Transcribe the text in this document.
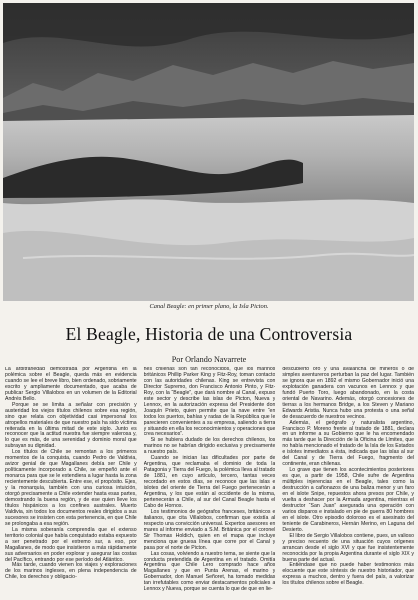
Canal Beagle: en primer plano, la Isla Picton.
El Beagle, Historia de una Controversia
Por Orlando Navarrete

La arbitrariedad demostrada por Argentina en la polémica sobre el Beagle, queda más en evidencia cuando se lee el breve libro, bien ordenado, sobriamente escrito y ampliamente documentado, que acaba de publicar Sergio Villalobos en un volumen de la Editorial Andrés Bello.

Porque se se limita a señalar con precisión y austeridad los viejos títulos chilenos sobre esa región, sino que relata con objetividad casi impersonal los atropellos materiales de que nuestro país ha sido víctima reiterada en la última mitad de este siglo. Junto es reconocer que la actitud nuestra fue siempre valerosa y, lo que es más, de una serenidad y dominio moral que subrayan su dignidad.

Los títulos de Chile se remontan a los primeros momentos de la conquista, cuando Pedro de Valdivia, avizor genial de que Magallanes debía ser Chile y políticamente incorporado a Chile, se empeñó ante el monarca para que se le extendiera a lugar hasta la zona recientemente descubierta. Entre ese, el propósito. Ejes, y la monarquía, también con una curiosa intuición, otorgó precisamente a Chile extender hasta esas partes, demostrando la buena región, y de ese quien lleve los títulos hispánicos a los confines australes. Muerto Valdivia, sin todos los documentos reales dirigidos a sus sucesores se insisten con esta pertenencia, en que Chile se prolongaba a esa región.

La misma soberanía comprendía que el extenso territorio colonial que había conquistado estaba expuesto a ser penetrado por el extremo sur, a eso, por Magallanes, de modo que insistieron a más rápidamente sus adversarios en poder explorar y asegurar las costas del Pacífico, entrando por ese período del Atlántico.

Más tarde, cuando vienen los viajes y exploraciones de los marinos ingleses, en plena independencia de Chile, los derechos y obligacio-

nes chilenas son tan reconocidos, que los marinos británicos Phillip Parker King y Fitz-Roy, toman contacto con las autoridades chilenas. King se entrevista con Director Supremo, don Francisco Antonio Pinto, y Fitz-Roy, con la “Beagle”, que dará nombre al Canal, expuso este sector y describe las islas de Picton, Nueva y Lennox, en la autorización expresa del Presidente don Joaquín Prieto, quien permite que la nave entre “en todos los puertos, bahías y radas de la República que le parecieren convenientes a su empresa, saliendo a tierra y situando en ella los reconocimientos y operaciones que crea necesarios”.

Si se hubiera dudado de los derechos chilenos, los marinos no se habrían dirigido exclusiva y precisamente a nuestro país.

Cuando se inician las dificultades por parte de Argentina, que reclamaba el dominio de toda la Patagonia y Tierra del Fuego, la polémica lleva al tratado de 1881, en cuyo artículo, tercero, tantas veces recordado en estos días, se reconoce que las islas e islotes del oriente de Tierra del Fuego pertenecerán a Argentina, y los que están al occidente de la misma, pertenecerán a Chile, al sur del Canal Beagle hasta el Cabo de Hornos.

Los testimonios de geógrafos franceses, británicos e italianos, que cita Villalobos, confirman que existía al respecto una convicción universal. Expertos asesores en mares al informe enviado a S.M. Británica por el coronel Sir Thomas Holdich, quien en el mapa que incluye menciona que gruesa línea que corre por el Canal y pasa por el norte de Picton.

Las cosas, volviendo a nuestro tema, se siente que la conducta pretendida de Argentina en el tratado. Omitía Argentina que Chile Lero comprado hace años Magallanes y que en Punta Arenas, el marino y Gobernador, don Manuel Señoret, ha tomado medidas tan irrefutables como enviar destacamentos policiales a Lennox y Nueva, porque se cuenta lo que de que en lie-

descubierto oro y una avalancha de mineros o de simples aventureros perturban la paz del lugar. También se ignora que en 1892 el mismo Gobernador inició una explotación ganadera con vacunos en Lennox y que fundó Puerto Toro, luego abandonado, en la costa oriental de Navarino. Además, otorgó concesiones de tierras a los hermanos Bridge, a los Steven y Mariano Edwards Aristia. Nunca hubo una protesta o una señal de desacuerdo de nuestros vecinos.

Además, el geógrafo y naturalista argentino, Francisco P. Moreno frente al tratado de 1881, declara en un informe a su Gobierno que le ha encomendado más tarde que la Dirección de la Oficina de Límites, que no había mencionado el tratado de la Isla de los Estados e islotes inmediatos a ésta, indicada que las islas al sur del Canal y de Tierra del Fuego, fragmento del continente, eran chilenas.

Lo grave que tienen los acontecimientos posteriores es que, a partir de 1958, Chile sufre de Argentina múltiples injerencias en el Beagle, tales como la destrucción a cañonazos de una baliza menor y un faro en el islote Snipe, repuestos ahora presos por Chile, y vuelta a deshacer por la Armada argentina, mientras el destructor “San Juan” asegurada una operación con varios disparos e instalado en pie de guerra 80 hombres en el islote. Otro episodio doloroso es el asesinato del teniente de Carabineros, Hernán Merino, en Laguna del Desierto.

El libro de Sergio Villalobos contiene, pues, un valioso y preciso recuento de una situación cuyos orígenes arrancan desde el siglo XVI y que fue insistentemente reconocida por la propia Argentina durante el siglo XIX y buena parte del actual.

Entiéndase que no puede haber testimonios más elocuente que este síntesis de nuestro historiador, que expresa a muchos, dentro y fuera del país, a valorizar los títulos chilenos sobre el Beagle.
